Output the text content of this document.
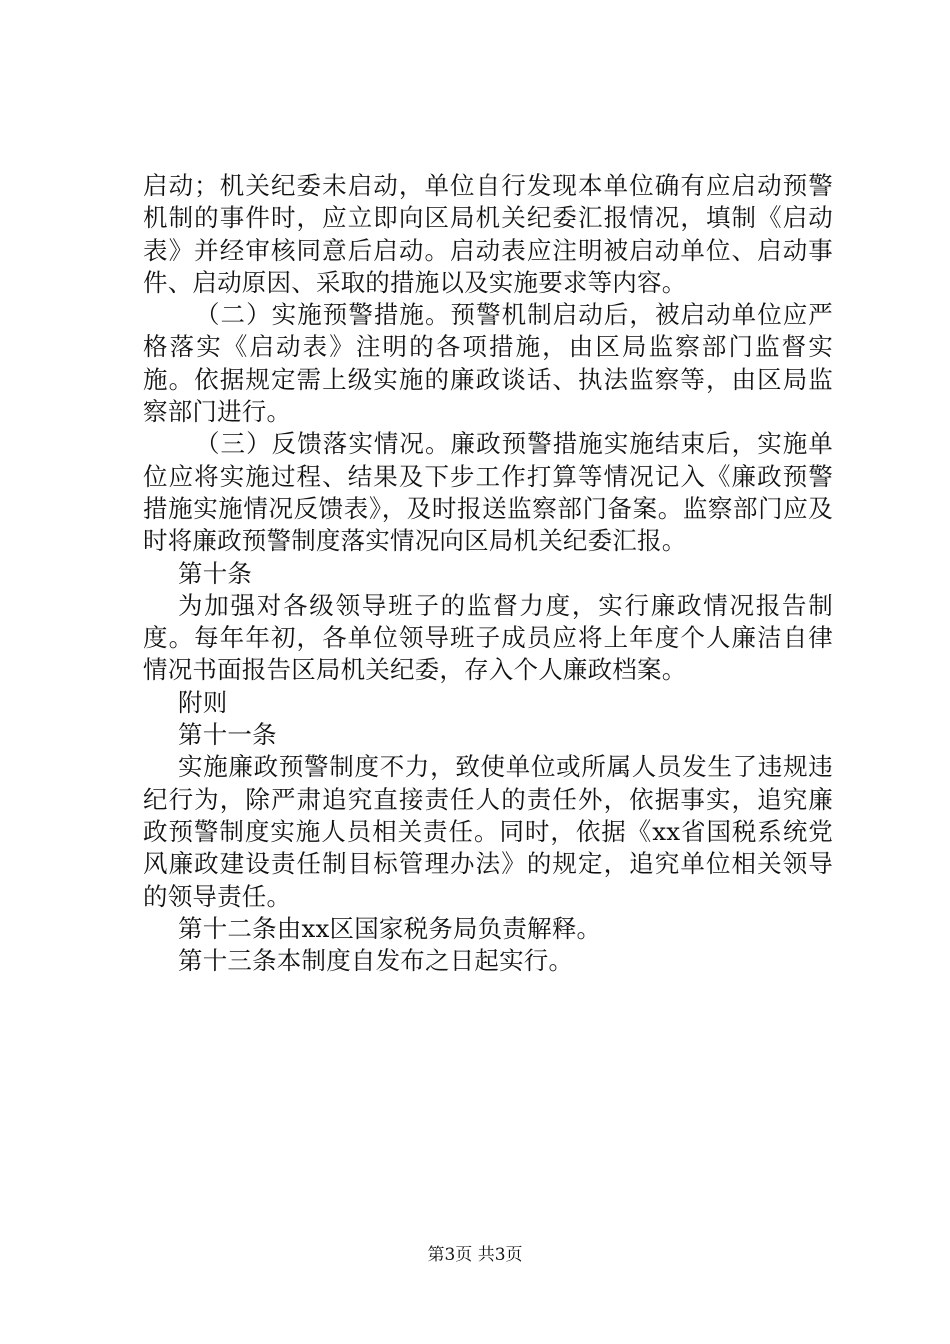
启动；机关纪委未启动，单位自行发现本单位确有应启动预警机制的事件时，应立即向区局机关纪委汇报情况，填制《启动表》并经审核同意后启动。启动表应注明被启动单位、启动事件、启动原因、采取的措施以及实施要求等内容。

（二）实施预警措施。预警机制启动后，被启动单位应严格落实《启动表》注明的各项措施，由区局监察部门监督实施。依据规定需上级实施的廉政谈话、执法监察等，由区局监察部门进行。

（三）反馈落实情况。廉政预警措施实施结束后，实施单位应将实施过程、结果及下步工作打算等情况记入《廉政预警措施实施情况反馈表》，及时报送监察部门备案。监察部门应及时将廉政预警制度落实情况向区局机关纪委汇报。

第十条

为加强对各级领导班子的监督力度，实行廉政情况报告制度。每年年初，各单位领导班子成员应将上年度个人廉洁自律情况书面报告区局机关纪委，存入个人廉政档案。

附则

第十一条

实施廉政预警制度不力，致使单位或所属人员发生了违规违纪行为，除严肃追究直接责任人的责任外，依据事实，追究廉政预警制度实施人员相关责任。同时，依据《xx省国税系统党风廉政建设责任制目标管理办法》的规定，追究单位相关领导的领导责任。

第十二条由xx区国家税务局负责解释。

第十三条本制度自发布之日起实行。

第3页 共3页
